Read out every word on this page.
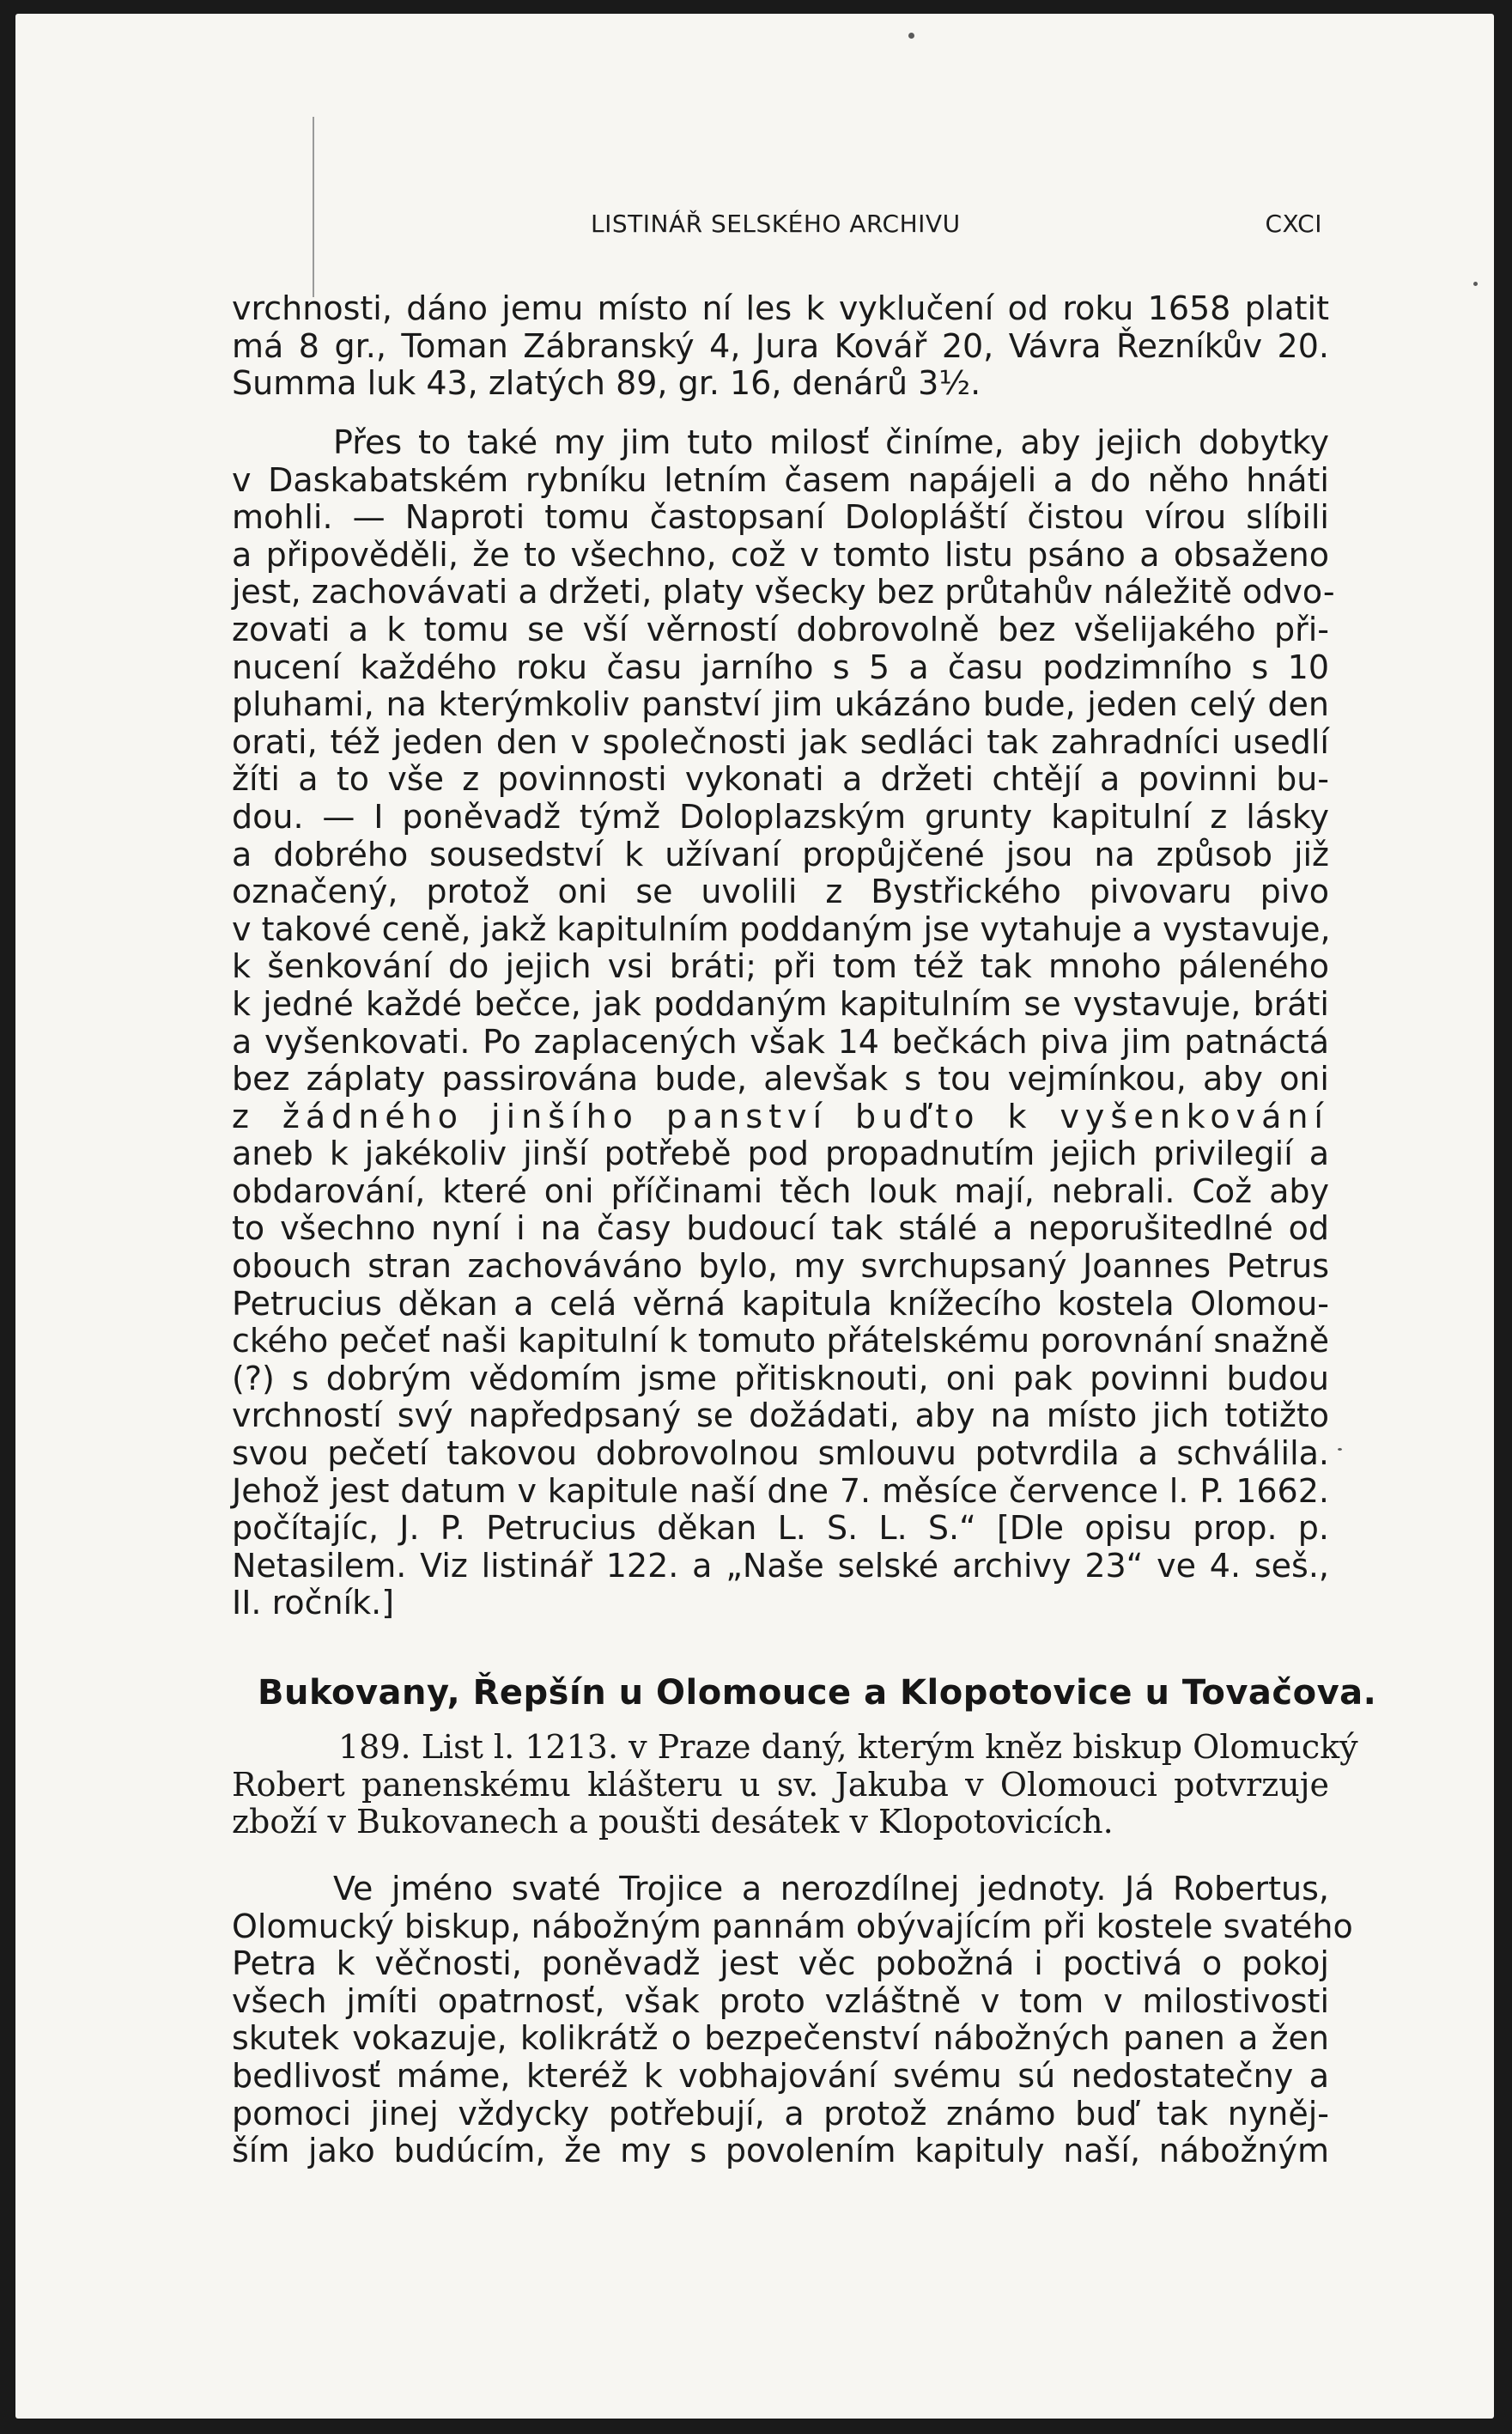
LISTINÁŘ SELSKÉHO ARCHIVU	CXCI
vrchnosti, dáno jemu místo ní les k vyklučení od roku 1658 platit
má 8 gr., Toman Zábranský 4, Jura Kovář 20, Vávra Řezníkův 20.
Summa luk 43, zlatých 89, gr. 16, denárů 3½.
Přes to také my jim tuto milosť činíme, aby jejich dobytky
v Daskabatském rybníku letním časem napájeli a do něho hnáti
mohli. — Naproti tomu častopsaní Dolopláští čistou vírou slíbili
a připověděli, že to všechno, což v tomto listu psáno a obsaženo
jest, zachovávati a držeti, platy všecky bez průtahův náležitě odvo-
zovati a k tomu se vší věrností dobrovolně bez všelijakého při-
nucení každého roku času jarního s 5 a času podzimního s 10
pluhami, na kterýmkoliv panství jim ukázáno bude, jeden celý den
orati, též jeden den v společnosti jak sedláci tak zahradníci usedlí
žíti a to vše z povinnosti vykonati a držeti chtějí a povinni bu-
dou. — I poněvadž týmž Doloplazským grunty kapitulní z lásky
a dobrého sousedství k užívaní propůjčené jsou na způsob již
označený, protož oni se uvolili z Bystřického pivovaru pivo
v takové ceně, jakž kapitulním poddaným jse vytahuje a vystavuje,
k šenkování do jejich vsi bráti; při tom též tak mnoho páleného
k jedné každé bečce, jak poddaným kapitulním se vystavuje, bráti
a vyšenkovati. Po zaplacených však 14 bečkách piva jim patnáctá
bez záplaty passirována bude, alevšak s tou vejmínkou, aby oni
z žádného jinšího panství buďto k vyšenkování
aneb k jakékoliv jinší potřebě pod propadnutím jejich privilegií a
obdarování, které oni příčinami těch louk mají, nebrali. Což aby
to všechno nyní i na časy budoucí tak stálé a neporušitedlné od
obouch stran zachováváno bylo, my svrchupsaný Joannes Petrus
Petrucius děkan a celá věrná kapitula knížecího kostela Olomou-
ckého pečeť naši kapitulní k tomuto přátelskému porovnání snažně
(?) s dobrým vědomím jsme přitisknouti, oni pak povinni budou
vrchností svý napředpsaný se dožádati, aby na místo jich totižto
svou pečetí takovou dobrovolnou smlouvu potvrdila a schválila.
Jehož jest datum v kapitule naší dne 7. měsíce července l. P. 1662.
počítajíc, J. P. Petrucius děkan L. S. L. S.“ [Dle opisu prop. p.
Netasilem. Viz listinář 122. a „Naše selské archivy 23“ ve 4. seš.,
II. ročník.]
Bukovany, Řepšín u Olomouce a Klopotovice u Tovačova.
189. List l. 1213. v Praze daný, kterým kněz biskup Olomucký
Robert panenskému klášteru u sv. Jakuba v Olomouci potvrzuje
zboží v Bukovanech a poušti desátek v Klopotovicích.
Ve jméno svaté Trojice a nerozdílnej jednoty. Já Robertus,
Olomucký biskup, nábožným pannám obývajícím při kostele svatého
Petra k věčnosti, poněvadž jest věc pobožná i poctivá o pokoj
všech jmíti opatrnosť, však proto vzláštně v tom v milostivosti
skutek vokazuje, kolikrátž o bezpečenství nábožných panen a žen
bedlivosť máme, kteréž k vobhajování svému sú nedostatečny a
pomoci jinej vždycky potřebují, a protož známo buď tak nyněj-
ším jako budúcím, že my s povolením kapituly naší, nábožným
